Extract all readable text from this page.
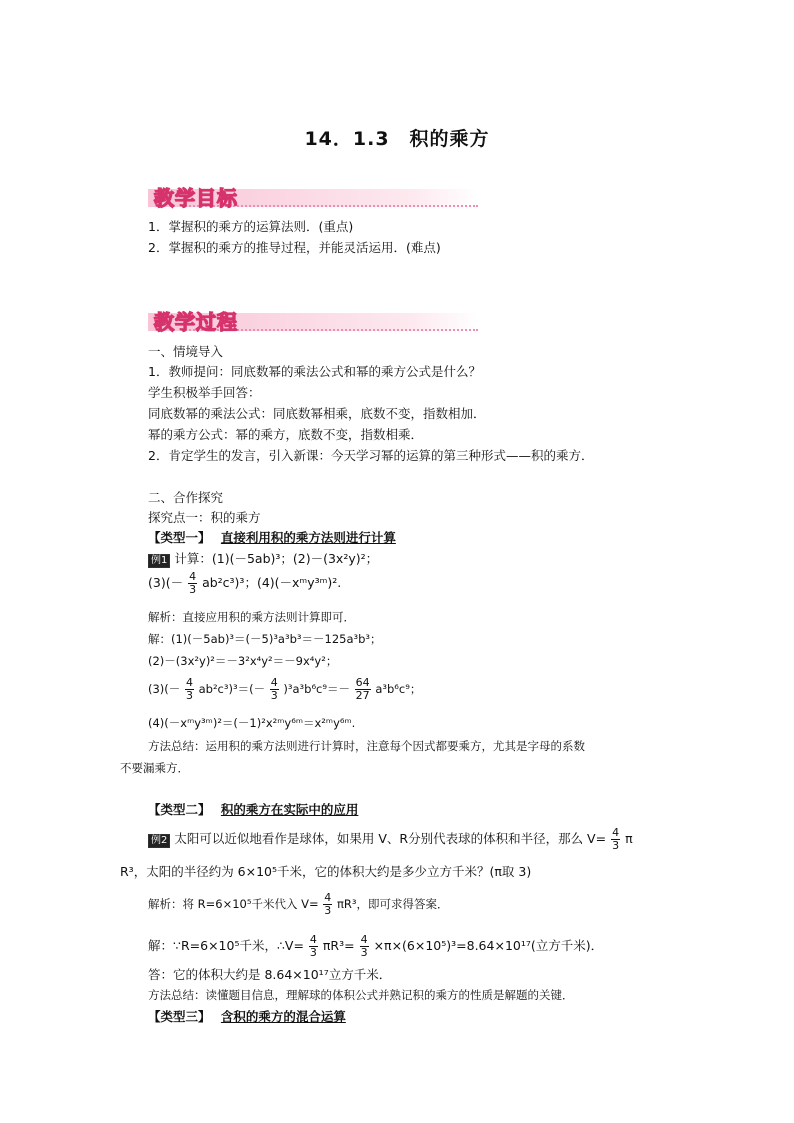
14．1.3　积的乘方
教学目标
1．掌握积的乘方的运算法则．(重点)
2．掌握积的乘方的推导过程，并能灵活运用．(难点)
教学过程
一、情境导入
1．教师提问：同底数幂的乘法公式和幂的乘方公式是什么？
学生积极举手回答：
同底数幂的乘法公式：同底数幂相乘，底数不变，指数相加．
幂的乘方公式：幂的乘方，底数不变，指数相乘．
2．肯定学生的发言，引入新课：今天学习幂的运算的第三种形式——积的乘方．
二、合作探究
探究点一：积的乘方
【类型一】 直接利用积的乘方法则进行计算
例1 计算：(1)(－5ab)³；(2)－(3x²y)²；
$(3)(- \frac{4}{3} ab^2c^3)^3$；(4)(－xᵐy³ᵐ)².
解析：直接应用积的乘方法则计算即可．
解：(1)(－5ab)³＝(－5)³a³b³＝－125a³b³；
(2)－(3x²y)²＝－3²x⁴y²＝－9x⁴y²；
$(3)(- \frac{4}{3} ab^2c^3)^3=(- \frac{4}{3} )^3a^3b^6c^9=- \frac{64}{27} a^3b^6c^9$；
(4)(－xᵐy³ᵐ)²＝(－1)²x²ᵐy⁶ᵐ＝x²ᵐy⁶ᵐ.
方法总结：运用积的乘方法则进行计算时，注意每个因式都要乘方，尤其是字母的系数
不要漏乘方．
【类型二】 积的乘方在实际中的应用
例2 太阳可以近似地看作是球体，如果用 V、R分别代表球的体积和半径，那么 $V= \frac{4}{3}$ π
R³，太阳的半径约为 6×10⁵千米，它的体积大约是多少立方千米？(π取 3)
解析：将 R=6×10⁵千米代入 $V= \frac{4}{3} \pi R^3$，即可求得答案．
解：∵R=6×10⁵千米，∴V= $\frac{4}{3} \pi R^3= \frac{4}{3} \times\pi\times(6\times 10^5)^3=8.64\times 10^{17}$(立方千米)．
答：它的体积大约是 8.64×10¹⁷立方千米．
方法总结：读懂题目信息，理解球的体积公式并熟记积的乘方的性质是解题的关键．
【类型三】 含积的乘方的混合运算
